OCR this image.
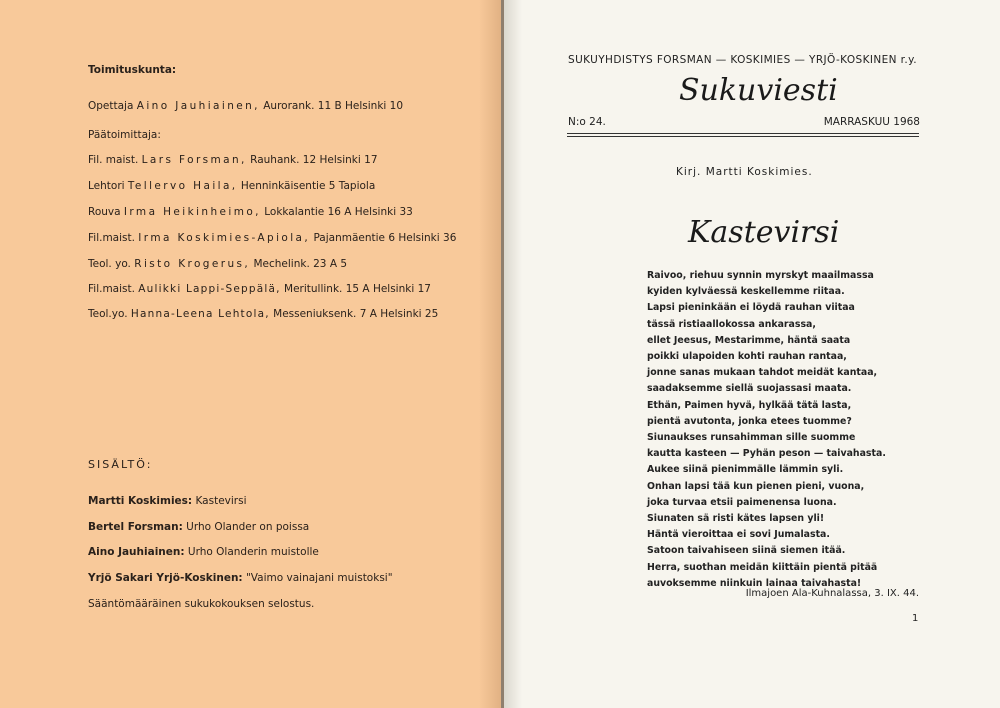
Toimituskunta:
Opettaja Aino Jauhiainen, Aurorank. 11 B Helsinki 10
Päätoimittaja:
Fil. maist. Lars Forsman, Rauhank. 12 Helsinki 17
Lehtori Tellervo Haila, Henninkäisentie 5 Tapiola
Rouva Irma Heikinheimo, Lokkalantie 16 A Helsinki 33
Fil.maist. Irma Koskimies-Apiola, Pajanmäentie 6 Helsinki 36
Teol. yo. Risto Krogerus, Mechelink. 23 A 5
Fil.maist. Aulikki Lappi-Seppälä, Meritullink. 15 A Helsinki 17
Teol.yo. Hanna-Leena Lehtola, Messeniuksenk. 7 A Helsinki 25
SISÄLTÖ:
Martti Koskimies: Kastevirsi
Bertel Forsman: Urho Olander on poissa
Aino Jauhiainen: Urho Olanderin muistolle
Yrjö Sakari Yrjö-Koskinen: "Vaimo vainajani muistoksi"
Sääntömääräinen sukukokouksen selostus.
SUKUYHDISTYS FORSMAN — KOSKIMIES — YRJÖ-KOSKINEN r.y.
Sukuviesti
N:o 24.	MARRASKUU 1968
Kirj. Martti Koskimies.
Kastevirsi
Raivoo, riehuu synnin myrskyt maailmassa
kyiden kylväessä keskellemme riitaa.
Lapsi pieninkään ei löydä rauhan viitaa
tässä ristiaallokossa ankarassa,
ellet Jeesus, Mestarimme, häntä saata
poikki ulapoiden kohti rauhan rantaa,
jonne sanas mukaan tahdot meidät kantaa,
saadaksemme siellä suojassasi maata.
Ethän, Paimen hyvä, hylkää tätä lasta,
pientä avutonta, jonka etees tuomme?
Siunaukses runsahimman sille suomme
kautta kasteen — Pyhän peson — taivahasta.
Aukee siinä pienimmälle lämmin syli.
Onhan lapsi tää kun pienen pieni, vuona,
joka turvaa etsii paimenensa luona.
Siunaten sä risti kätes lapsen yli!
Häntä vieroittaa ei sovi Jumalasta.
Satoon taivahiseen siinä siemen itää.
Herra, suothan meidän kiittäin pientä pitää
auvoksemme niinkuin lainaa taivahasta!
Ilmajoen Ala-Kuhnalassa, 3. IX. 44.
1
